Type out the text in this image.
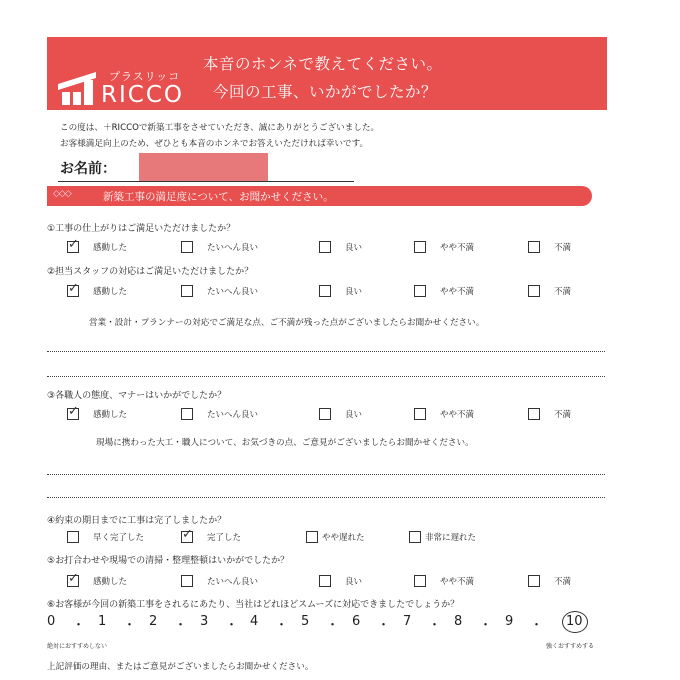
プラスリッコ
RICCO
本音のホンネで教えてください。
今回の工事、いかがでしたか？
この度は、＋RICCOで新築工事をさせていただき、誠にありがとうございました。
お客様満足向上のため、ぜひとも本音のホンネでお答えいただければ幸いです。
お名前：
◇◇◇	新築工事の満足度について、お聞かせください。
①工事の仕上がりはご満足いただけましたか？
✓
感動した	たいへん良い	良い	やや不満	不満
②担当スタッフの対応はご満足いただけましたか？
✓
感動した	たいへん良い	良い	やや不満	不満
営業・設計・プランナーの対応でご満足な点、ご不満が残った点がございましたらお聞かせください。
③各職人の態度、マナーはいかがでしたか？
✓
感動した	たいへん良い	良い	やや不満	不満
現場に携わった大工・職人について、お気づきの点、ご意見がございましたらお聞かせください。
④約束の期日までに工事は完了しましたか？
早く完了した
✓	完了した	やや遅れた	非常に遅れた
⑤お打合わせや現場での清掃・整理整頓はいかがでしたか？
✓
感動した	たいへん良い	良い	やや不満	不満
⑥お客様が今回の新築工事をされるにあたり、当社はどれほどスムーズに対応できましたでしょうか？
0 ・ 1 ・ 2 ・ 3 ・ 4 ・ 5 ・ 6 ・ 7 ・ 8 ・ 9 ・ 10
絶対におすすめしない	強くおすすめする
上記評価の理由、またはご意見がございましたらお聞かせください。
